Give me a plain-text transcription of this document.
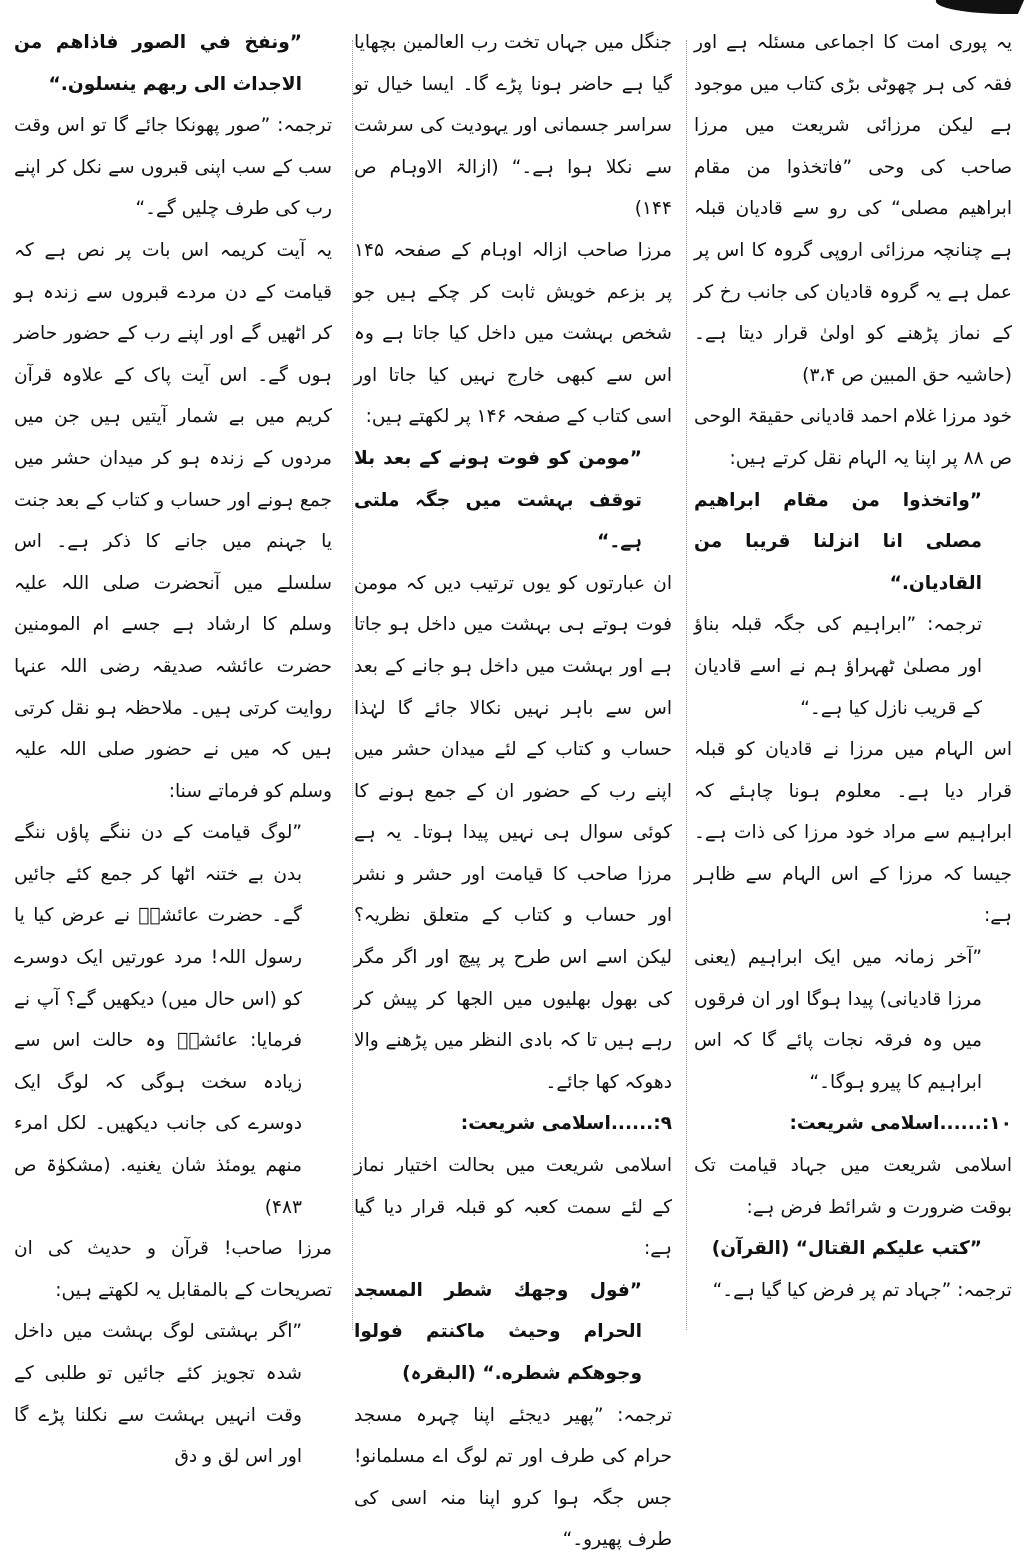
”ونفخ في الصور فاذاهم من الاجداث الى ربهم ينسلون.“

ترجمہ: ”صور پھونکا جائے گا تو اس وقت سب کے سب اپنی قبروں سے نکل کر اپنے رب کی طرف چلیں گے۔“

یہ آیت کریمہ اس بات پر نص ہے کہ قیامت کے دن مردے قبروں سے زندہ ہو کر اٹھیں گے اور اپنے رب کے حضور حاضر ہوں گے۔ اس آیت پاک کے علاوہ قرآن کریم میں بے شمار آیتیں ہیں جن میں مردوں کے زندہ ہو کر میدان حشر میں جمع ہونے اور حساب و کتاب کے بعد جنت یا جہنم میں جانے کا ذکر ہے۔ اس سلسلے میں آنحضرت صلی اللہ علیہ وسلم کا ارشاد ہے جسے ام المومنین حضرت عائشہ صدیقہ رضی اللہ عنہا روایت کرتی ہیں۔ ملاحظہ ہو نقل کرتی ہیں کہ میں نے حضور صلی اللہ علیہ وسلم کو فرماتے سنا:

”لوگ قیامت کے دن ننگے پاؤں ننگے بدن بے ختنہ اٹھا کر جمع کئے جائیں گے۔ حضرت عائشہؓ نے عرض کیا یا رسول اللہ! مرد عورتیں ایک دوسرے کو (اس حال میں) دیکھیں گے؟ آپ نے فرمایا: عائشہؓ وہ حالت اس سے زیادہ سخت ہوگی کہ لوگ ایک دوسرے کی جانب دیکھیں۔ لکل امرء منهم يومئذ شان يغنيه. (مشکوٰۃ ص ۴۸۳)

مرزا صاحب! قرآن و حدیث کی ان تصریحات کے بالمقابل یہ لکھتے ہیں:

”اگر بہشتی لوگ بہشت میں داخل شدہ تجویز کئے جائیں تو طلبی کے وقت انہیں بہشت سے نکلنا پڑے گا اور اس لق و دق

جنگل میں جہاں تخت رب العالمین بچھایا گیا ہے حاضر ہونا پڑے گا۔ ایسا خیال تو سراسر جسمانی اور یہودیت کی سرشت سے نکلا ہوا ہے۔“ (ازالۃ الاوہام ص ۱۴۴)

مرزا صاحب ازالہ اوہام کے صفحہ ۱۴۵ پر بزعم خویش ثابت کر چکے ہیں جو شخص بہشت میں داخل کیا جاتا ہے وہ اس سے کبھی خارج نہیں کیا جاتا اور اسی کتاب کے صفحہ ۱۴۶ پر لکھتے ہیں:

”مومن کو فوت ہونے کے بعد بلا توقف بہشت میں جگہ ملتی ہے۔“

ان عبارتوں کو یوں ترتیب دیں کہ مومن فوت ہوتے ہی بہشت میں داخل ہو جاتا ہے اور بہشت میں داخل ہو جانے کے بعد اس سے باہر نہیں نکالا جائے گا لہٰذا حساب و کتاب کے لئے میدان حشر میں اپنے رب کے حضور ان کے جمع ہونے کا کوئی سوال ہی نہیں پیدا ہوتا۔ یہ ہے مرزا صاحب کا قیامت اور حشر و نشر اور حساب و کتاب کے متعلق نظریہ؟ لیکن اسے اس طرح پر پیچ اور اگر مگر کی بھول بھلیوں میں الجھا کر پیش کر رہے ہیں تا کہ بادی النظر میں پڑھنے والا دھوکہ کھا جائے۔

۹:......اسلامی شریعت:

اسلامی شریعت میں بحالت اختیار نماز کے لئے سمت کعبہ کو قبلہ قرار دیا گیا ہے:

”فول وجهك شطر المسجد الحرام وحيث ماكنتم فولوا وجوهكم شطره.“ (البقرہ)

ترجمہ: ”پھیر دیجئے اپنا چہرہ مسجد حرام کی طرف اور تم لوگ اے مسلمانو! جس جگہ ہوا کرو اپنا منہ اسی کی طرف پھیرو۔“

یہ پوری امت کا اجماعی مسئلہ ہے اور فقہ کی ہر چھوٹی بڑی کتاب میں موجود ہے لیکن مرزائی شریعت میں مرزا صاحب کی وحی ”فاتخذوا من مقام ابراهيم مصلى“ کی رو سے قادیان قبلہ ہے چنانچہ مرزائی اروپی گروہ کا اس پر عمل ہے یہ گروہ قادیان کی جانب رخ کر کے نماز پڑھنے کو اولیٰ قرار دیتا ہے۔ (حاشیہ حق المبین ص ۳،۴)

خود مرزا غلام احمد قادیانی حقیقۃ الوحی ص ۸۸ پر اپنا یہ الہام نقل کرتے ہیں:

”واتخذوا من مقام ابراهيم مصلى انا انزلنا قريبا من القاديان.“

ترجمہ: ”ابراہیم کی جگہ قبلہ بناؤ اور مصلیٰ ٹھہراؤ ہم نے اسے قادیان کے قریب نازل کیا ہے۔“

اس الہام میں مرزا نے قادیان کو قبلہ قرار دیا ہے۔ معلوم ہونا چاہئے کہ ابراہیم سے مراد خود مرزا کی ذات ہے۔ جیسا کہ مرزا کے اس الہام سے ظاہر ہے:

”آخر زمانہ میں ایک ابراہیم (یعنی مرزا قادیانی) پیدا ہوگا اور ان فرقوں میں وہ فرقہ نجات پائے گا کہ اس ابراہیم کا پیرو ہوگا۔“

۱۰:......اسلامی شریعت:

اسلامی شریعت میں جہاد قیامت تک بوقت ضرورت و شرائط فرض ہے:

”كتب عليكم القتال“ (القرآن)

ترجمہ: ”جہاد تم پر فرض کیا گیا ہے۔“
